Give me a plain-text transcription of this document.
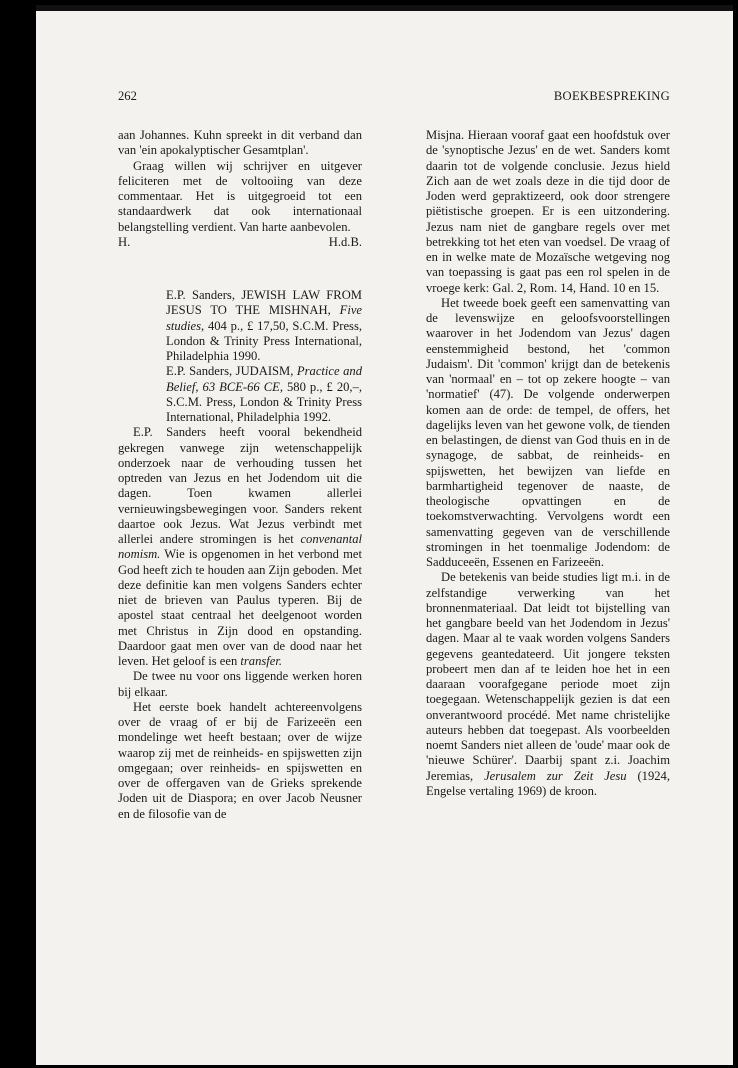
262	BOEKBESPREKING

aan Johannes. Kuhn spreekt in dit verband dan van 'ein apokalyptischer Gesamtplan'.

Graag willen wij schrijver en uitgever feliciteren met de voltooiing van deze commentaar. Het is uitgegroeid tot een standaardwerk dat ook internationaal belangstelling verdient. Van harte aanbevolen.

H.	H.d.B.

E.P. Sanders, JEWISH LAW FROM JESUS TO THE MISHNAH, Five studies, 404 p., £ 17,50, S.C.M. Press, London & Trinity Press International, Philadelphia 1990.

E.P. Sanders, JUDAISM, Practice and Belief, 63 BCE-66 CE, 580 p., £ 20,–, S.C.M. Press, London & Trinity Press International, Philadelphia 1992.

E.P. Sanders heeft vooral bekendheid gekregen vanwege zijn wetenschappelijk onderzoek naar de verhouding tussen het optreden van Jezus en het Jodendom uit die dagen. Toen kwamen allerlei vernieuwingsbewegingen voor. Sanders rekent daartoe ook Jezus. Wat Jezus verbindt met allerlei andere stromingen is het convenantal nomism. Wie is opgenomen in het verbond met God heeft zich te houden aan Zijn geboden. Met deze definitie kan men volgens Sanders echter niet de brieven van Paulus typeren. Bij de apostel staat centraal het deelgenoot worden met Christus in Zijn dood en opstanding. Daardoor gaat men over van de dood naar het leven. Het geloof is een transfer.

De twee nu voor ons liggende werken horen bij elkaar.

Het eerste boek handelt achtereenvolgens over de vraag of er bij de Farizeeën een mondelinge wet heeft bestaan; over de wijze waarop zij met de reinheids- en spijswetten zijn omgegaan; over reinheids- en spijswetten en over de offergaven van de Grieks sprekende Joden uit de Diaspora; en over Jacob Neusner en de filosofie van de

Misjna. Hieraan vooraf gaat een hoofdstuk over de 'synoptische Jezus' en de wet. Sanders komt daarin tot de volgende conclusie. Jezus hield Zich aan de wet zoals deze in die tijd door de Joden werd gepraktizeerd, ook door strengere piëtistische groepen. Er is een uitzondering. Jezus nam niet de gangbare regels over met betrekking tot het eten van voedsel. De vraag of en in welke mate de Mozaïsche wetgeving nog van toepassing is gaat pas een rol spelen in de vroege kerk: Gal. 2, Rom. 14, Hand. 10 en 15.

Het tweede boek geeft een samenvatting van de levenswijze en geloofsvoorstellingen waarover in het Jodendom van Jezus' dagen eenstemmigheid bestond, het 'common Judaism'. Dit 'common' krijgt dan de betekenis van 'normaal' en – tot op zekere hoogte – van 'normatief' (47). De volgende onderwerpen komen aan de orde: de tempel, de offers, het dagelijks leven van het gewone volk, de tienden en belastingen, de dienst van God thuis en in de synagoge, de sabbat, de reinheids- en spijswetten, het bewijzen van liefde en barmhartigheid tegenover de naaste, de theologische opvattingen en de toekomstverwachting. Vervolgens wordt een samenvatting gegeven van de verschillende stromingen in het toenmalige Jodendom: de Sadduceeën, Essenen en Farizeeën.

De betekenis van beide studies ligt m.i. in de zelfstandige verwerking van het bronnenmateriaal. Dat leidt tot bijstelling van het gangbare beeld van het Jodendom in Jezus' dagen. Maar al te vaak worden volgens Sanders gegevens geantedateerd. Uit jongere teksten probeert men dan af te leiden hoe het in een daaraan voorafgegane periode moet zijn toegegaan. Wetenschappelijk gezien is dat een onverantwoord procédé. Met name christelijke auteurs hebben dat toegepast. Als voorbeelden noemt Sanders niet alleen de 'oude' maar ook de 'nieuwe Schürer'. Daarbij spant z.i. Joachim Jeremias, Jerusalem zur Zeit Jesu (1924, Engelse vertaling 1969) de kroon.
